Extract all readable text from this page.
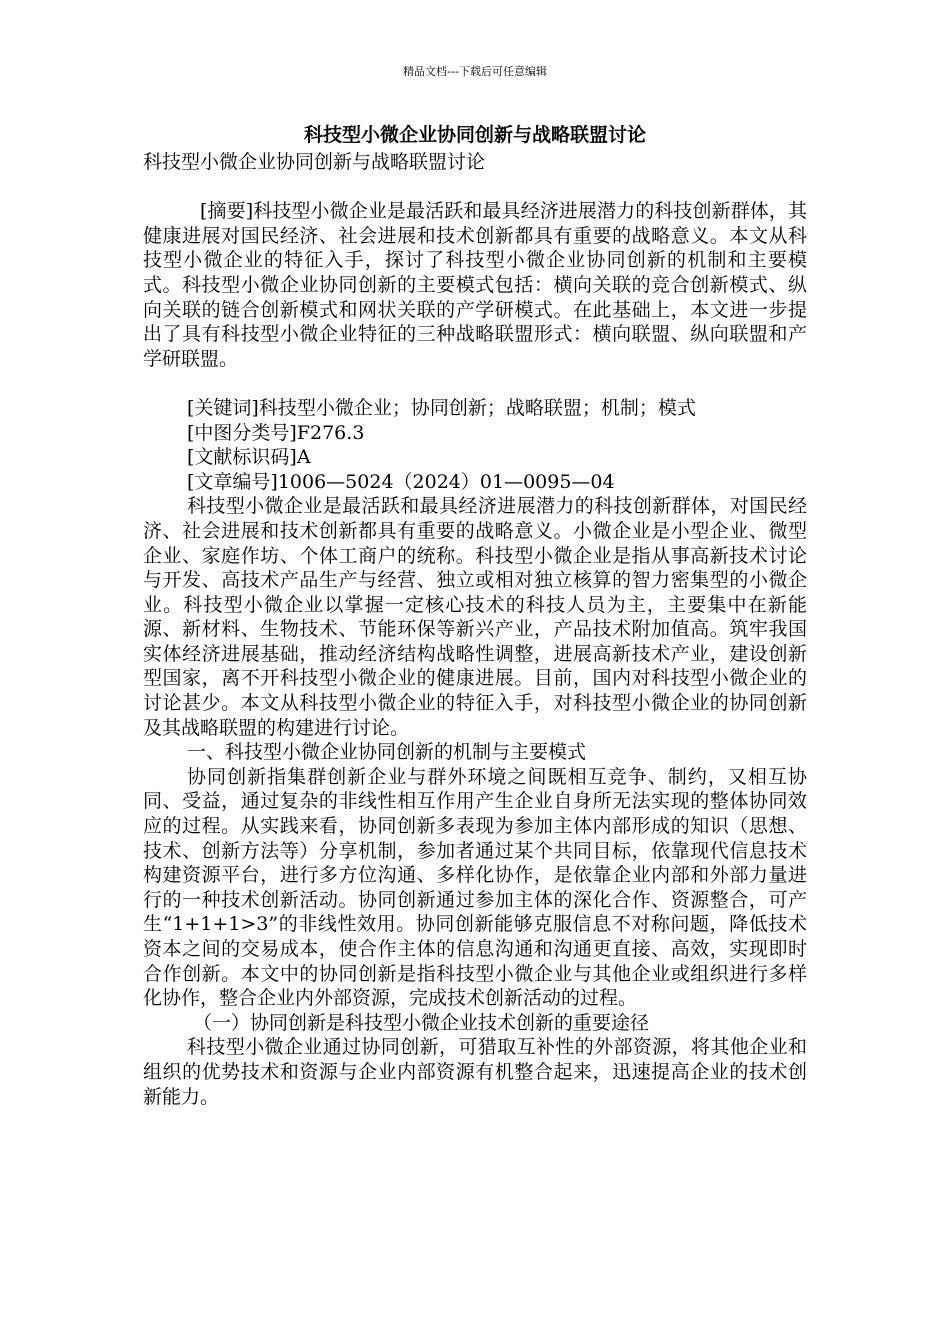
精品文档---下载后可任意编辑
科技型小微企业协同创新与战略联盟讨论

科技型小微企业协同创新与战略联盟讨论

[摘要]科技型小微企业是最活跃和最具经济进展潜力的科技创新群体，其健康进展对国民经济、社会进展和技术创新都具有重要的战略意义。本文从科技型小微企业的特征入手，探讨了科技型小微企业协同创新的机制和主要模式。科技型小微企业协同创新的主要模式包括：横向关联的竞合创新模式、纵向关联的链合创新模式和网状关联的产学研模式。在此基础上，本文进一步提出了具有科技型小微企业特征的三种战略联盟形式：横向联盟、纵向联盟和产学研联盟。

[关键词]科技型小微企业；协同创新；战略联盟；机制；模式

[中图分类号]F276.3

[文献标识码]A

[文章编号]1006—5024（2024）01—0095—04

科技型小微企业是最活跃和最具经济进展潜力的科技创新群体，对国民经济、社会进展和技术创新都具有重要的战略意义。小微企业是小型企业、微型企业、家庭作坊、个体工商户的统称。科技型小微企业是指从事高新技术讨论与开发、高技术产品生产与经营、独立或相对独立核算的智力密集型的小微企业。科技型小微企业以掌握一定核心技术的科技人员为主，主要集中在新能源、新材料、生物技术、节能环保等新兴产业，产品技术附加值高。筑牢我国实体经济进展基础，推动经济结构战略性调整，进展高新技术产业，建设创新型国家，离不开科技型小微企业的健康进展。目前，国内对科技型小微企业的讨论甚少。本文从科技型小微企业的特征入手，对科技型小微企业的协同创新及其战略联盟的构建进行讨论。

一、科技型小微企业协同创新的机制与主要模式

协同创新指集群创新企业与群外环境之间既相互竞争、制约，又相互协同、受益，通过复杂的非线性相互作用产生企业自身所无法实现的整体协同效应的过程。从实践来看，协同创新多表现为参加主体内部形成的知识（思想、技术、创新方法等）分享机制，参加者通过某个共同目标，依靠现代信息技术构建资源平台，进行多方位沟通、多样化协作，是依靠企业内部和外部力量进行的一种技术创新活动。协同创新通过参加主体的深化合作、资源整合，可产生“1+1+1>3”的非线性效用。协同创新能够克服信息不对称问题，降低技术资本之间的交易成本，使合作主体的信息沟通和沟通更直接、高效，实现即时合作创新。本文中的协同创新是指科技型小微企业与其他企业或组织进行多样化协作，整合企业内外部资源，完成技术创新活动的过程。

（一）协同创新是科技型小微企业技术创新的重要途径

科技型小微企业通过协同创新，可猎取互补性的外部资源，将其他企业和组织的优势技术和资源与企业内部资源有机整合起来，迅速提高企业的技术创新能力。
